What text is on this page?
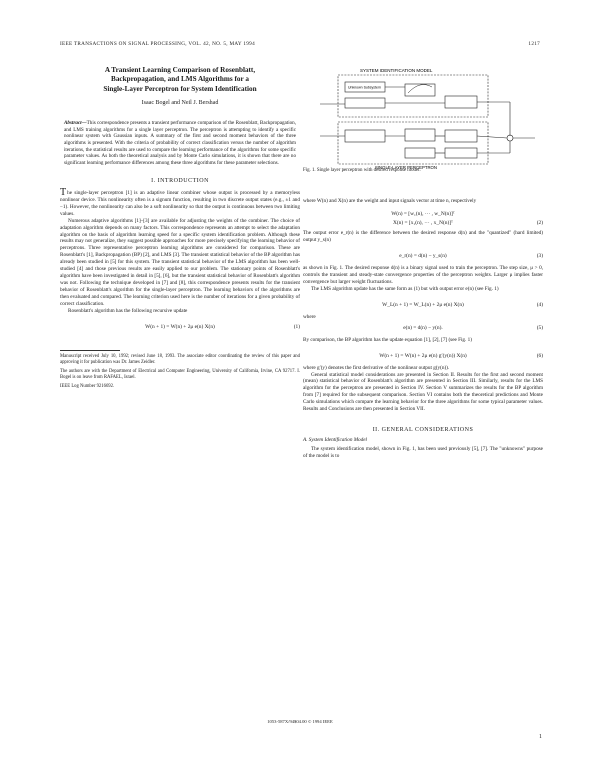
IEEE TRANSACTIONS ON SIGNAL PROCESSING, VOL. 42, NO. 5, MAY 1994	1217
A Transient Learning Comparison of Rosenblatt,
Backpropagation, and LMS Algorithms for a
Single-Layer Perceptron for System Identification
Isaac Bogel and Neil J. Bershad
Abstract—This correspondence presents a transient performance comparison of the Rosenblatt, Backpropagation, and LMS training algorithms for a single layer perceptron. The perceptron is attempting to identify a specific nonlinear system with Gaussian inputs. A summary of the first and second moment behaviors of the three algorithms is presented. With the criteria of probability of correct classification versus the number of algorithm iterations, the statistical results are used to compare the learning performance of the algorithms for some specific parameter values. As both the theoretical analysis and by Monte Carlo simulations, it is shown that there are no significant learning performance differences among these three algorithms for these parameter selections.
I. INTRODUCTION

The single-layer perceptron [1] is an adaptive linear combiner whose output is processed by a memoryless nonlinear device. This nonlinearity often is a signum function, resulting in two discrete output states (e.g., ±1 and −1). However, the nonlinearity can also be a soft nonlinearity so that the output is continuous between two limiting values.

Numerous adaptive algorithms [1]–[3] are available for adjusting the weights of the combiner. The choice of adaptation algorithm depends on many factors. This correspondence represents an attempt to select the adaptation algorithm on the basis of algorithm learning speed for a specific system identification problem. Although these results may not generalize, they suggest possible approaches for more precisely specifying the learning behavior of perceptrons. Three representative perceptron learning algorithms are considered for comparison. These are Rosenblatt's [1], Backpropagation (BP) [2], and LMS [3]. The transient statistical behavior of the BP algorithm has already been studied in [5] for this system. The transient statistical behavior of the LMS algorithm has been well-studied [4] and those previous results are easily applied to our problem. The stationary points of Rosenblatt's algorithm have been investigated in detail in [5], [6], but the transient statistical behavior of Rosenblatt's algorithm was not. Following the technique developed in [7] and [8], this correspondence presents results for the transient behavior of Rosenblatt's algorithm for the single-layer perceptron. The learning behaviors of the algorithms are then evaluated and compared. The learning criterion used here is the number of iterations for a given probability of correct classification.

Rosenblatt's algorithm has the following recursive update

W(n + 1) = W(n) + 2μ e(n) X(n)	(1)
Manuscript received July 10, 1992; revised June 18, 1993. The associate editor coordinating the review of this paper and approving it for publication was Dr. James Zeidler.
The authors are with the Department of Electrical and Computer Engineering, University of California, Irvine, CA 92717. I. Bogel is on leave from RAFAEL, Israel.
IEEE Log Number 9216692.
SYSTEM IDENTIFICATION MODEL
Unknown Subsystem
SINGLE-LAYER PERCEPTRON
Fig. 1. Single layer perceptron with desired response model.

where W(n) and X(n) are the weight and input signals vector at time n, respectively

W(n) = [w₁(n), ··· , w_N(n)]ᵀ
X(n) = [x₁(n), ··· , x_N(n)]ᵀ	(2)

The output error e_r(n) is the difference between the desired response d(n) and the "quantized" (hard limited) output y_s(n)

e_r(n) = d(n) − y_s(n)	(3)

as shown in Fig. 1. The desired response d(n) is a binary signal used to train the perceptron. The step size, μ > 0, controls the transient and steady-state convergence properties of the perceptron weights. Larger μ implies faster convergence but larger weight fluctuations.

The LMS algorithm update has the same form as (1) but with output error e(n) (see Fig. 1)

W_L(n + 1) = W_L(n) + 2μ e(n) X(n)	(4)

where

e(n) = d(n) − y(n).	(5)

By comparison, the BP algorithm has the update equation [1], [2], [7] (see Fig. 1)

W(n + 1) = W(n) + 2μ e(n) g′(y(n)) X(n)	(6)

where g′(y) denotes the first derivative of the nonlinear output g(y(n)).

General statistical model considerations are presented in Section II. Results for the first and second moment (mean) statistical behavior of Rosenblatt's algorithm are presented in Section III. Similarly, results for the LMS algorithm for the perceptron are presented in Section IV. Section V summarizes the results for the BP algorithm from [7] required for the subsequent comparison. Section VI contains both the theoretical predictions and Monte Carlo simulations which compare the learning behavior for the three algorithms for some typical parameter values. Results and Conclusions are then presented in Section VII.

II. GENERAL CONSIDERATIONS
A. System Identification Model

The system identification model, shown in Fig. 1, has been used previously [5], [7]. The "unknowns" purpose of the model is to

1053-587X/94$04.00 © 1994 IEEE
1
